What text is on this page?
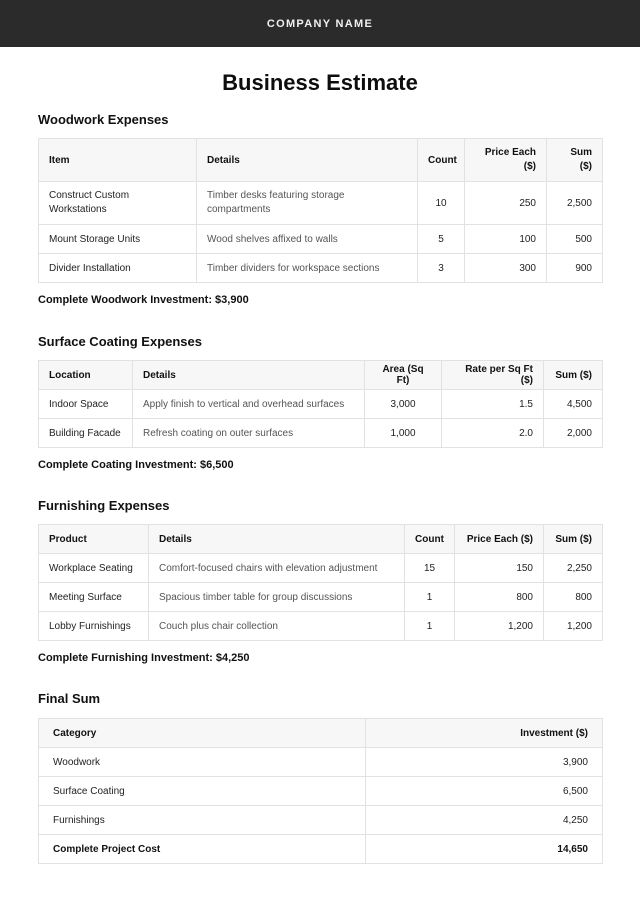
COMPANY NAME
Business Estimate
Woodwork Expenses
Item	Details	Count	Price Each ($)	Sum ($)
Construct Custom Workstations	Timber desks featuring storage compartments	10	250	2,500
Mount Storage Units	Wood shelves affixed to walls	5	100	500
Divider Installation	Timber dividers for workspace sections	3	300	900
Complete Woodwork Investment: $3,900
Surface Coating Expenses
Location	Details	Area (Sq Ft)	Rate per Sq Ft ($)	Sum ($)
Indoor Space	Apply finish to vertical and overhead surfaces	3,000	1.5	4,500
Building Facade	Refresh coating on outer surfaces	1,000	2.0	2,000
Complete Coating Investment: $6,500
Furnishing Expenses
Product	Details	Count	Price Each ($)	Sum ($)
Workplace Seating	Comfort-focused chairs with elevation adjustment	15	150	2,250
Meeting Surface	Spacious timber table for group discussions	1	800	800
Lobby Furnishings	Couch plus chair collection	1	1,200	1,200
Complete Furnishing Investment: $4,250
Final Sum
Category	Investment ($)
Woodwork	3,900
Surface Coating	6,500
Furnishings	4,250
Complete Project Cost	14,650
